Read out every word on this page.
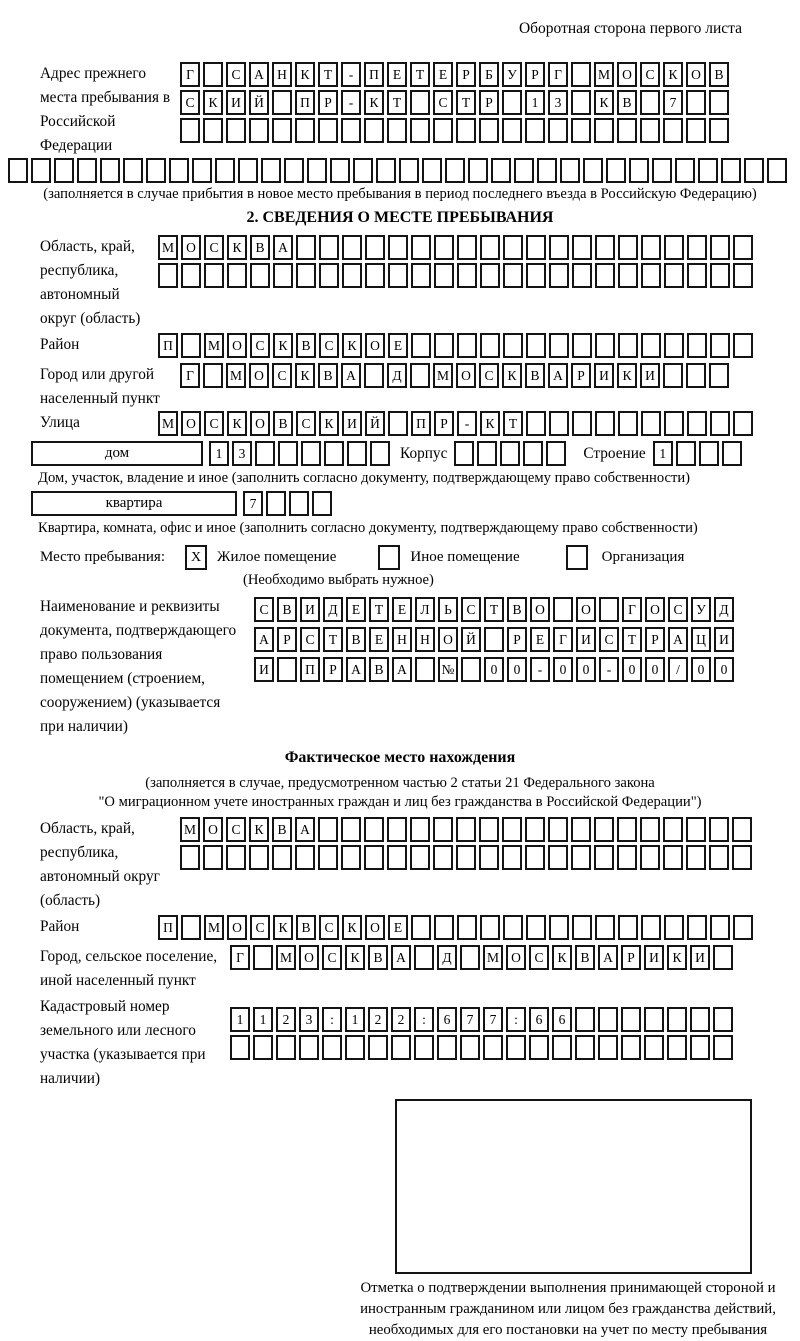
Оборотная сторона первого листа
Адрес прежнего места пребывания в Российской Федерации
Г	С	А Н	К	Т	-	П	Е	Т	Е	Р	Б	У	Р	Г	М О	С	К	О	В
С	К	И Й	П	Р	-	К	Т	С	Т	Р	1	3	К	В	7
(заполняется в случае прибытия в новое место пребывания в период последнего въезда в Российскую Федерацию)
2. СВЕДЕНИЯ О МЕСТЕ ПРЕБЫВАНИЯ
Область, край, республика, автономный округ (область)
М О	С	К	В	А
Район	П	М О	С	К	В	С	К	О	Е
Город или другой населенный пункт
Г	М О	С	К	В	А	Д	М О	С	К	В	А	Р	И	К	И
Улица	М О	С	К	О	В	С	К	И Й	П	Р	-	К	Т
дом	1	3	Корпус	Строение	1
Дом, участок, владение и иное (заполнить согласно документу, подтверждающему право собственности)
квартира	7
Квартира, комната, офис и иное (заполнить согласно документу, подтверждающему право собственности)
Место пребывания:	X	Жилое помещение	Иное помещение	Организация
(Необходимо выбрать нужное)
Наименование и реквизиты документа, подтверждающего право пользования помещением (строением, сооружением) (указывается при наличии)
С	В	И	Д	Е	Т	Е	Л	Ь	С	Т	В	О	О	Г	О	С	У	Д
А	Р	С	Т	В	Е	Н Н О Й	Р	Е	Г	И	С	Т	Р	А Ц И
И	П	Р	А	В	А	№	0	0	-	0	0	-	0	0	/	0	0
Фактическое место нахождения
(заполняется в случае, предусмотренном частью 2 статьи 21 Федерального закона
"О миграционном учете иностранных граждан и лиц без гражданства в Российской Федерации")
Область, край, республика, автономный округ (область)
М О	С	К	В	А
Район	П	М О	С	К	В	С	К	О	Е
Город, сельское поселение, иной населенный пункт
Г	М О	С	К	В	А	Д	М О	С	К	В	А	Р	И	К	И
Кадастровый номер земельного или лесного участка (указывается при наличии)
1	1	2	3	:	1	2	2	:	6	7	7	:	6	6
Отметка о подтверждении выполнения принимающей стороной и иностранным гражданином или лицом без гражданства действий, необходимых для его постановки на учет по месту пребывания
